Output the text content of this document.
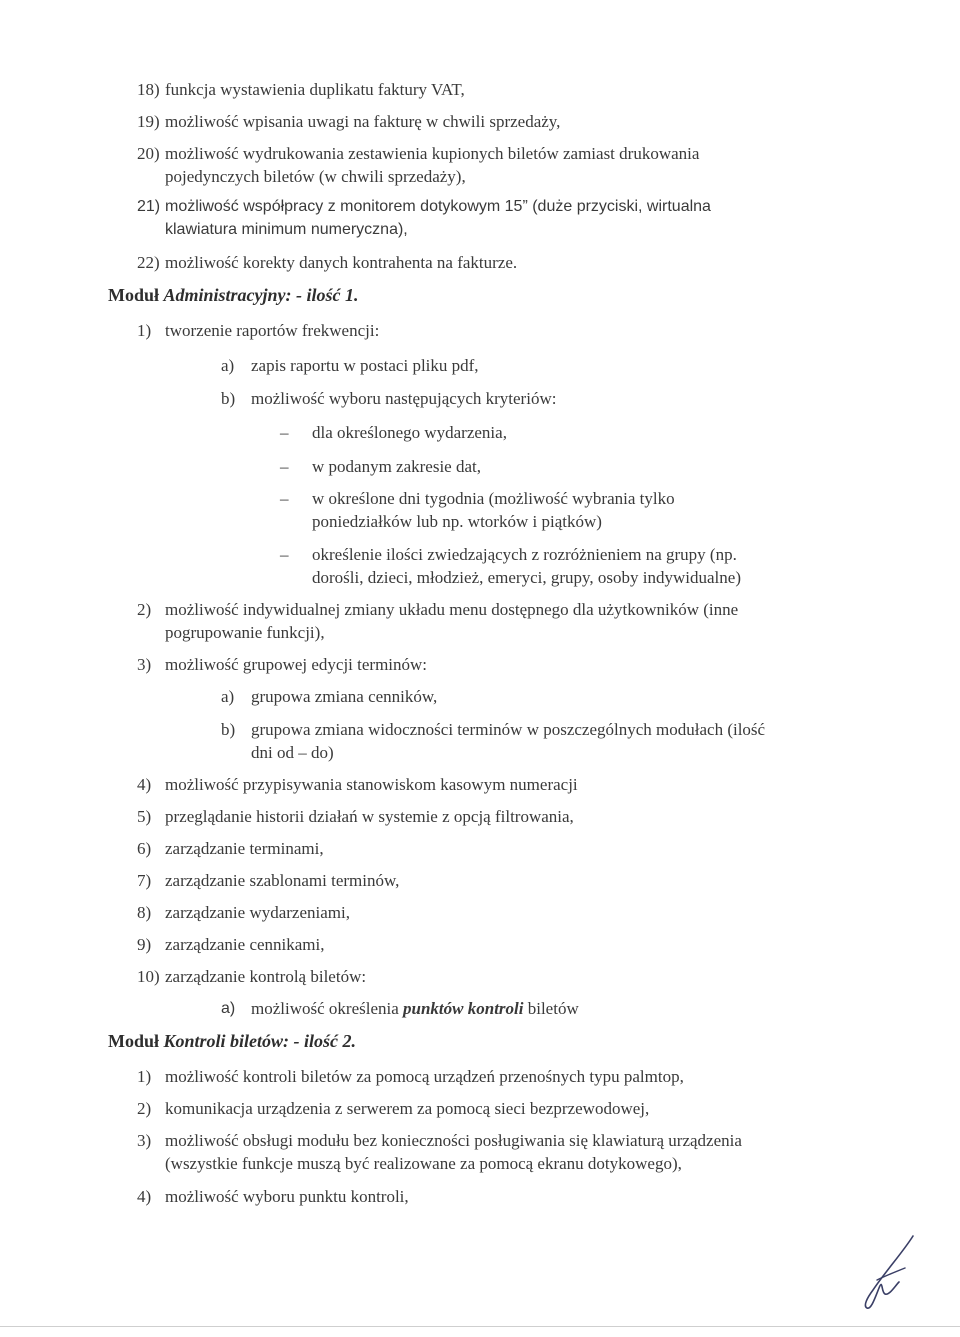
18) funkcja wystawienia duplikatu faktury VAT,
19) możliwość wpisania uwagi na fakturę w chwili sprzedaży,
20) możliwość wydrukowania zestawienia kupionych biletów zamiast drukowania
pojedynczych biletów (w chwili sprzedaży),
21) możliwość współpracy z monitorem dotykowym 15” (duże przyciski, wirtualna
klawiatura minimum numeryczna),
22) możliwość korekty danych kontrahenta na fakturze.
Moduł Administracyjny: - ilość 1.
1) tworzenie raportów frekwencji:
a) zapis raportu w postaci pliku pdf,
b) możliwość wyboru następujących kryteriów:
– dla określonego wydarzenia,
– w podanym zakresie dat,
– w określone dni tygodnia (możliwość wybrania tylko
poniedziałków lub np. wtorków i piątków)
– określenie ilości zwiedzających z rozróżnieniem na grupy (np.
dorośli, dzieci, młodzież, emeryci, grupy, osoby indywidualne)
2) możliwość indywidualnej zmiany układu menu dostępnego dla użytkowników (inne
pogrupowanie funkcji),
3) możliwość grupowej edycji terminów:
a) grupowa zmiana cenników,
b) grupowa zmiana widoczności terminów w poszczególnych modułach (ilość
dni od – do)
4) możliwość przypisywania stanowiskom kasowym numeracji
5) przeglądanie historii działań w systemie z opcją filtrowania,
6) zarządzanie terminami,
7) zarządzanie szablonami terminów,
8) zarządzanie wydarzeniami,
9) zarządzanie cennikami,
10) zarządzanie kontrolą biletów:
a) możliwość określenia punktów kontroli biletów
Moduł Kontroli biletów: - ilość 2.
1) możliwość kontroli biletów za pomocą urządzeń przenośnych typu palmtop,
2) komunikacja urządzenia z serwerem za pomocą sieci bezprzewodowej,
3) możliwość obsługi modułu bez konieczności posługiwania się klawiaturą urządzenia
(wszystkie funkcje muszą być realizowane za pomocą ekranu dotykowego),
4) możliwość wyboru punktu kontroli,
